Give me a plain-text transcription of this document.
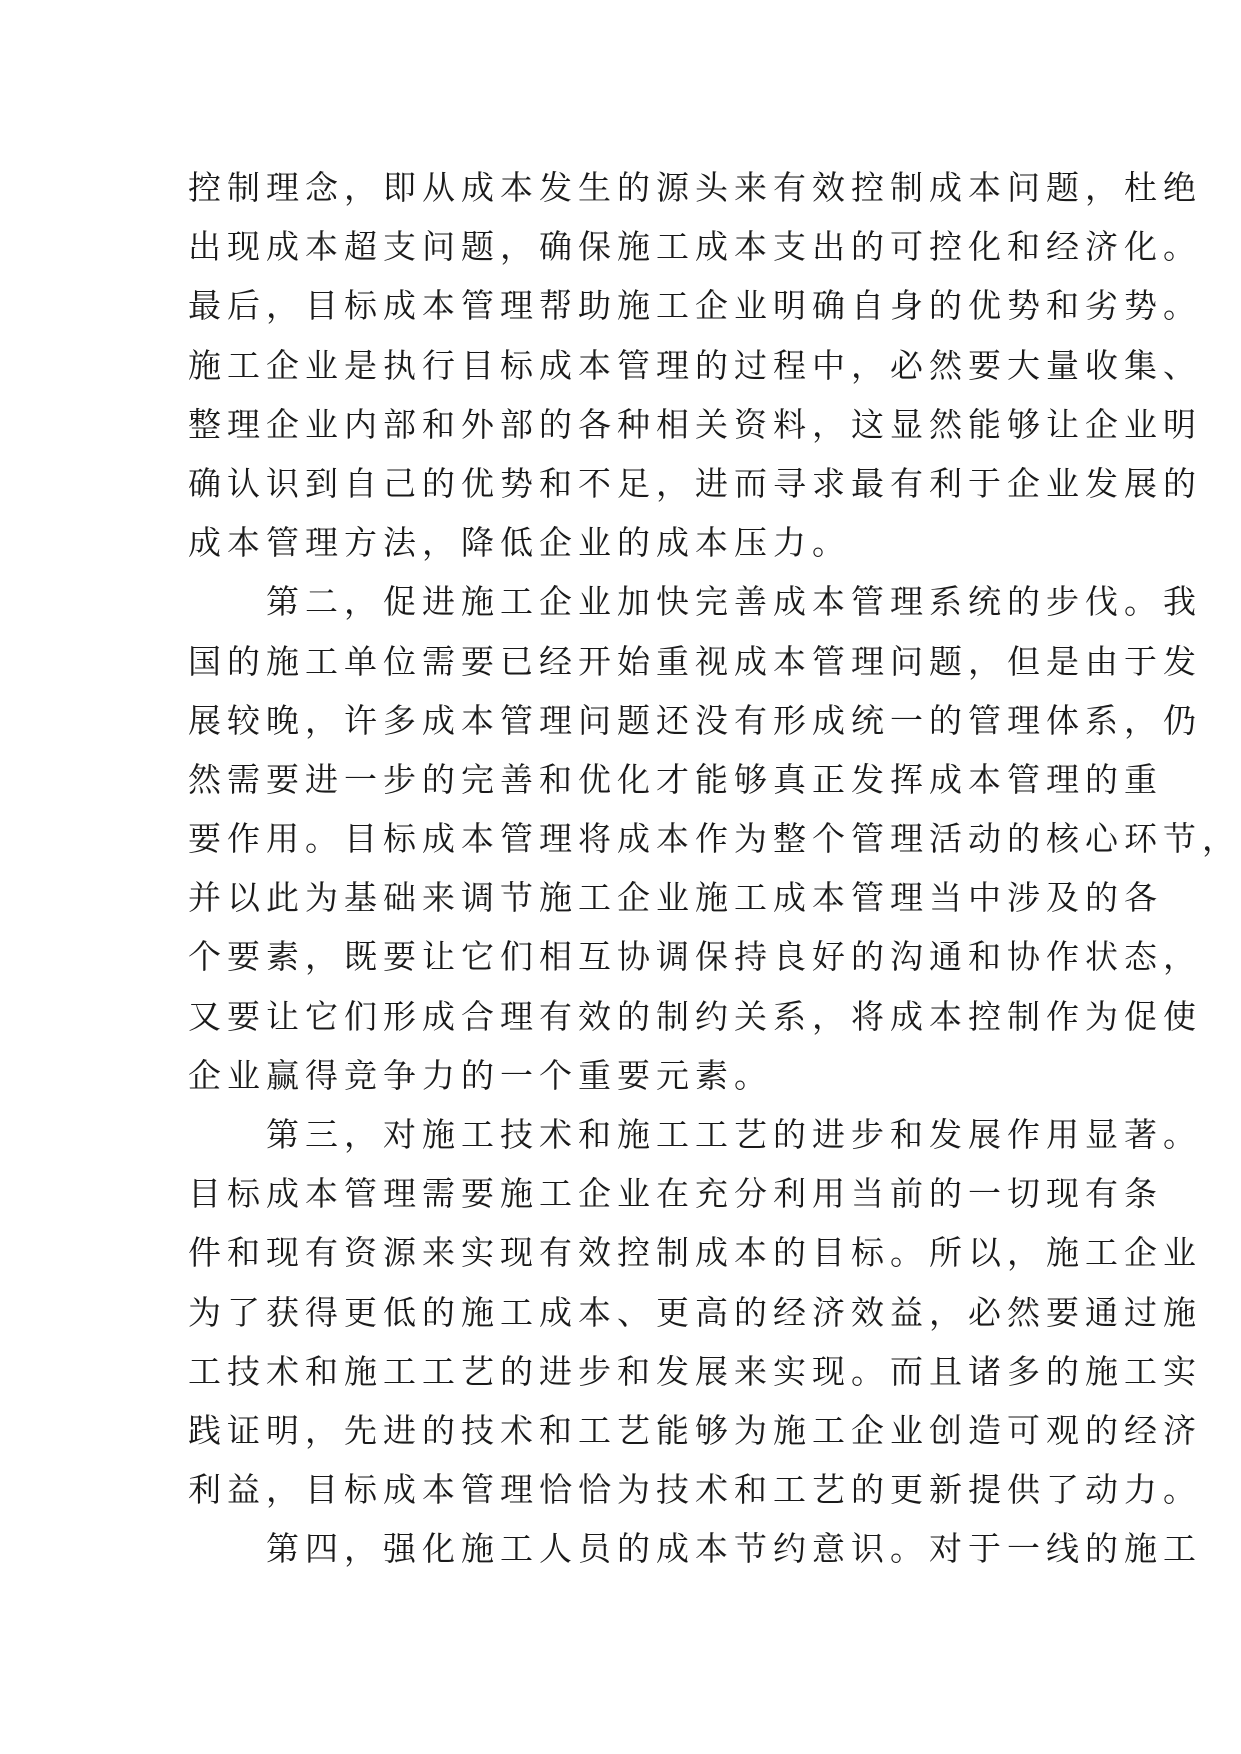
控制理念，即从成本发生的源头来有效控制成本问题，杜绝
出现成本超支问题，确保施工成本支出的可控化和经济化。
最后，目标成本管理帮助施工企业明确自身的优势和劣势。
施工企业是执行目标成本管理的过程中，必然要大量收集、
整理企业内部和外部的各种相关资料，这显然能够让企业明
确认识到自己的优势和不足，进而寻求最有利于企业发展的
成本管理方法，降低企业的成本压力。
　　第二，促进施工企业加快完善成本管理系统的步伐。我
国的施工单位需要已经开始重视成本管理问题，但是由于发
展较晚，许多成本管理问题还没有形成统一的管理体系，仍
然需要进一步的完善和优化才能够真正发挥成本管理的重
要作用。目标成本管理将成本作为整个管理活动的核心环节，
并以此为基础来调节施工企业施工成本管理当中涉及的各
个要素，既要让它们相互协调保持良好的沟通和协作状态，
又要让它们形成合理有效的制约关系，将成本控制作为促使
企业赢得竞争力的一个重要元素。
　　第三，对施工技术和施工工艺的进步和发展作用显著。
目标成本管理需要施工企业在充分利用当前的一切现有条
件和现有资源来实现有效控制成本的目标。所以，施工企业
为了获得更低的施工成本、更高的经济效益，必然要通过施
工技术和施工工艺的进步和发展来实现。而且诸多的施工实
践证明，先进的技术和工艺能够为施工企业创造可观的经济
利益，目标成本管理恰恰为技术和工艺的更新提供了动力。
　　第四，强化施工人员的成本节约意识。对于一线的施工
